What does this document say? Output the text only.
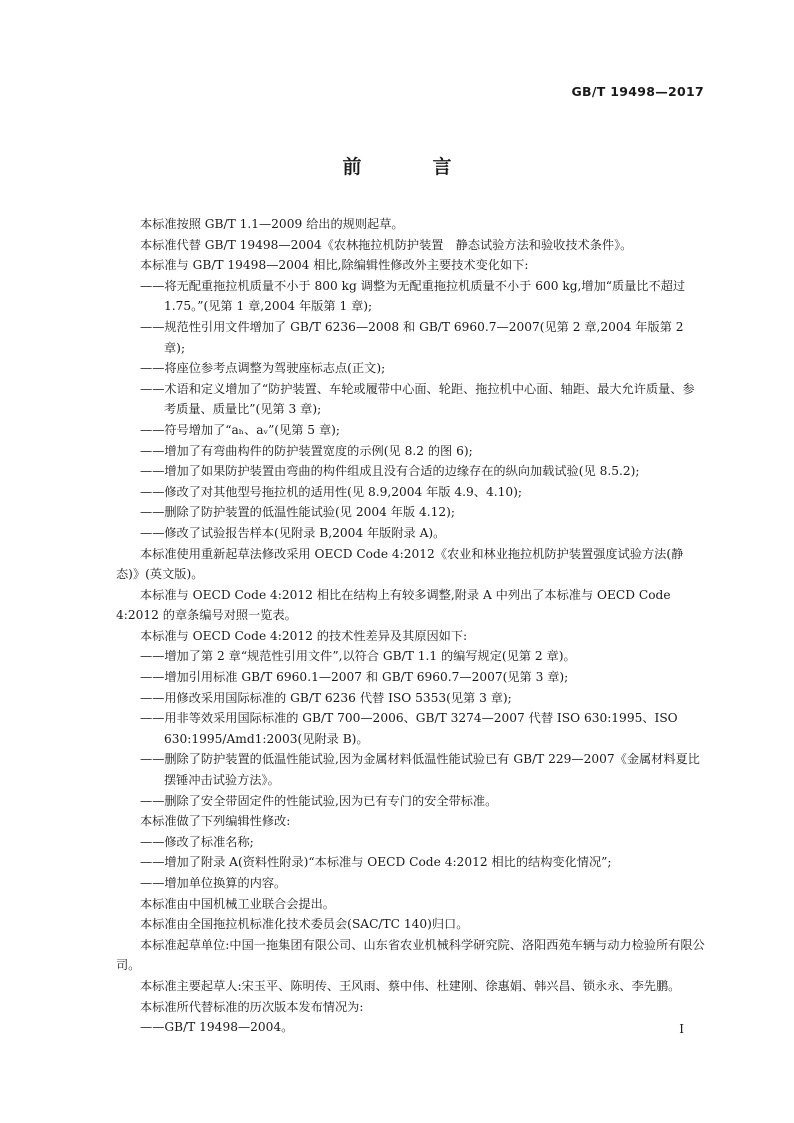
GB/T 19498—2017
前　言

本标准按照 GB/T 1.1—2009 给出的规则起草。

本标准代替 GB/T 19498—2004《农林拖拉机防护装置　静态试验方法和验收技术条件》。

本标准与 GB/T 19498—2004 相比,除编辑性修改外主要技术变化如下:

—— 将无配重拖拉机质量不小于 800 kg 调整为无配重拖拉机质量不小于 600 kg,增加“质量比不超过 1.75。”(见第 1 章,2004 年版第 1 章);

—— 规范性引用文件增加了 GB/T 6236—2008 和 GB/T 6960.7—2007(见第 2 章,2004 年版第 2 章);

—— 将座位参考点调整为驾驶座标志点(正文);

—— 术语和定义增加了“防护装置、车轮或履带中心面、轮距、拖拉机中心面、轴距、最大允许质量、参考质量、质量比”(见第 3 章);

—— 符号增加了“aₕ、aᵥ”(见第 5 章);

—— 增加了有弯曲构件的防护装置宽度的示例(见 8.2 的图 6);

—— 增加了如果防护装置由弯曲的构件组成且没有合适的边缘存在的纵向加载试验(见 8.5.2);

—— 修改了对其他型号拖拉机的适用性(见 8.9,2004 年版 4.9、4.10);

—— 删除了防护装置的低温性能试验(见 2004 年版 4.12);

—— 修改了试验报告样本(见附录 B,2004 年版附录 A)。

本标准使用重新起草法修改采用 OECD Code 4:2012《农业和林业拖拉机防护装置强度试验方法(静态)》(英文版)。

本标准与 OECD Code 4:2012 相比在结构上有较多调整,附录 A 中列出了本标准与 OECD Code 4:2012 的章条编号对照一览表。

本标准与 OECD Code 4:2012 的技术性差异及其原因如下:

—— 增加了第 2 章“规范性引用文件”,以符合 GB/T 1.1 的编写规定(见第 2 章)。

—— 增加引用标准 GB/T 6960.1—2007 和 GB/T 6960.7—2007(见第 3 章);

—— 用修改采用国际标准的 GB/T 6236 代替 ISO 5353(见第 3 章);

—— 用非等效采用国际标准的 GB/T 700—2006、GB/T 3274—2007 代替 ISO 630:1995、ISO 630:1995/Amd1:2003(见附录 B)。

—— 删除了防护装置的低温性能试验,因为金属材料低温性能试验已有 GB/T 229—2007《金属材料夏比摆锤冲击试验方法》。

—— 删除了安全带固定件的性能试验,因为已有专门的安全带标准。

本标准做了下列编辑性修改:

—— 修改了标准名称;

—— 增加了附录 A(资料性附录)“本标准与 OECD Code 4:2012 相比的结构变化情况”;

—— 增加单位换算的内容。

本标准由中国机械工业联合会提出。

本标准由全国拖拉机标准化技术委员会(SAC/TC 140)归口。

本标准起草单位:中国一拖集团有限公司、山东省农业机械科学研究院、洛阳西苑车辆与动力检验所有限公司。

本标准主要起草人:宋玉平、陈明传、王风雨、蔡中伟、杜建刚、徐惠娟、韩兴昌、锁永永、李先鹏。

本标准所代替标准的历次版本发布情况为:

—— GB/T 19498—2004。	I
